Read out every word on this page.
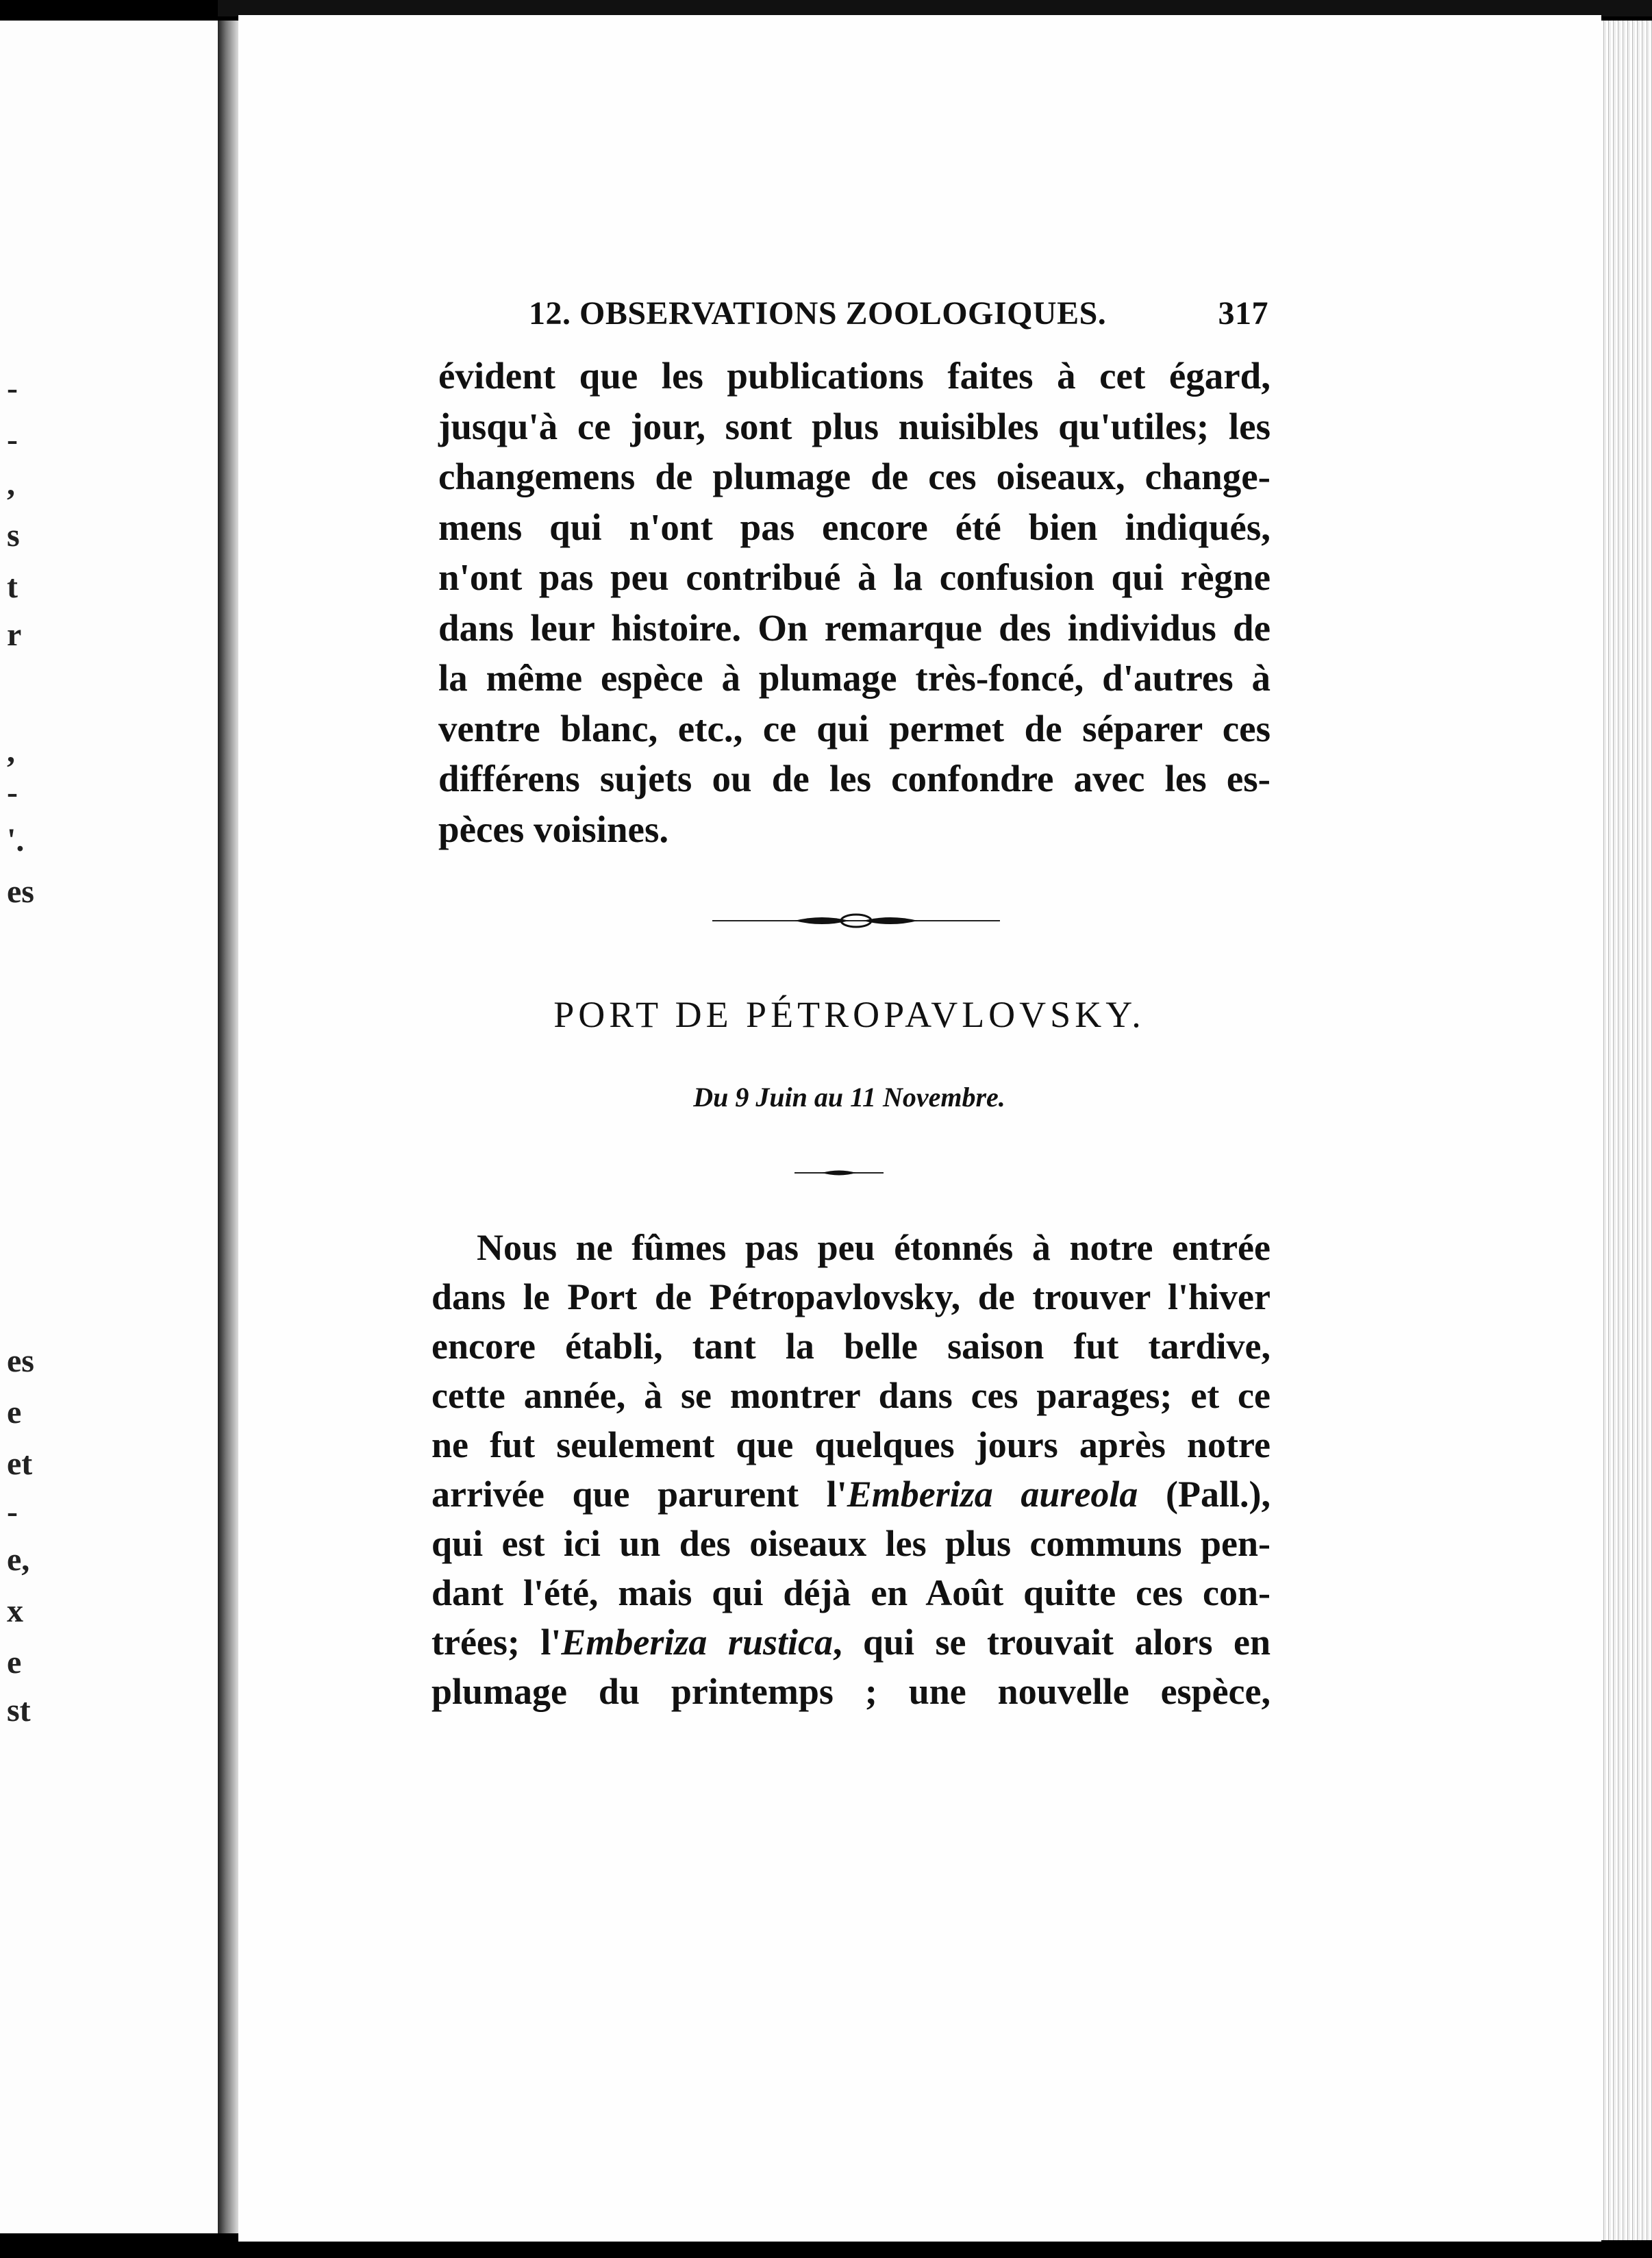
-
-
,
s
t
r
,
-
'.
es
es
e
et
-
e,
x
e
st
12. OBSERVATIONS ZOOLOGIQUES.	317
évident que les publications faites à cet égard,
jusqu'à ce jour, sont plus nuisibles qu'utiles; les
changemens de plumage de ces oiseaux, change-
mens qui n'ont pas encore été bien indiqués,
n'ont pas peu contribué à la confusion qui règne
dans leur histoire. On remarque des individus de
la même espèce à plumage très-foncé, d'autres à
ventre blanc, etc., ce qui permet de séparer ces
différens sujets ou de les confondre avec les es-
pèces voisines.
PORT DE PÉTROPAVLOVSKY.
Du 9 Juin au 11 Novembre.
Nous ne fûmes pas peu étonnés à notre entrée
dans le Port de Pétropavlovsky, de trouver l'hiver
encore établi, tant la belle saison fut tardive,
cette année, à se montrer dans ces parages; et ce
ne fut seulement que quelques jours après notre
arrivée que parurent l'Emberiza aureola (Pall.),
qui est ici un des oiseaux les plus communs pen-
dant l'été, mais qui déjà en Août quitte ces con-
trées; l'Emberiza rustica, qui se trouvait alors en
plumage du printemps ; une nouvelle espèce,
